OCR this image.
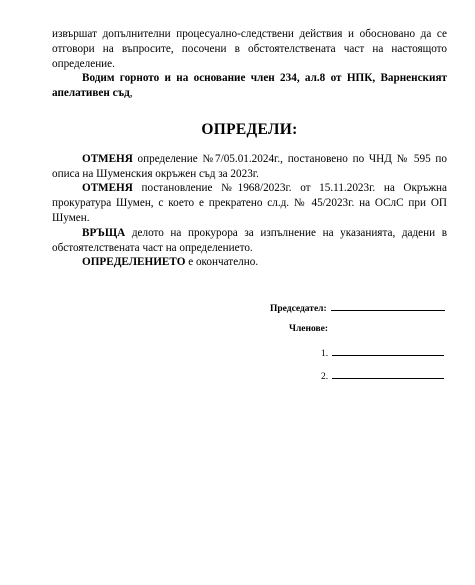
извършат допълнителни процесуално-следствени действия и обосновано да се отговори на въпросите, посочени в обстоятелствената част на настоящото определение.

Водим горното и на основание член 234, ал.8 от НПК, Варненският апелативен съд,

ОПРЕДЕЛИ:

ОТМЕНЯ определение №7/05.01.2024г., постановено по ЧНД № 595 по описа на Шуменския окръжен съд за 2023г.

ОТМЕНЯ постановление №1968/2023г. от 15.11.2023г. на Окръжна прокуратура Шумен, с което е прекратено сл.д. № 45/2023г. на ОСлС при ОП Шумен.

ВРЪЩА делото на прокурора за изпълнение на указанията, дадени в обстоятелствената част на определението.

ОПРЕДЕЛЕНИЕТО е окончателно.

Председател:
Членове:
1.
2.
